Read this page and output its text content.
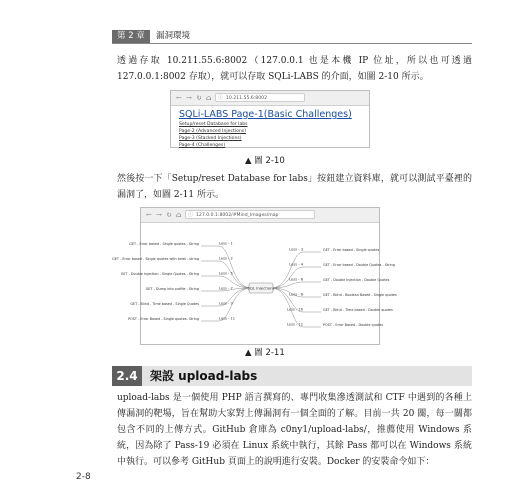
第 2 章	漏洞環境

透過存取 10.211.55.6:8002（127.0.0.1 也是本機 IP 位址，所以也可透過 127.0.0.1:8002 存取），就可以存取 SQLi-LABS 的介面，如圖 2-10 所示。

← → ↻ ⌂ ⓘ 10.211.55.6:8002
SQLi-LABS Page-1(Basic Challenges)
Setup/reset Database for labs
Page-2 (Advanced Injections)
Page-3 (Stacked Injections)
Page-4 (Challenges)
▲ 圖 2-10

然後按一下「Setup/reset Database for labs」按鈕建立資料庫，就可以測試平臺裡的漏洞了，如圖 2-11 所示。

← → ↻ ⌂ ⓘ 127.0.0.1:8002/#Mind_Images/map
Less - 1
GET - Error based - Single quotes - String
Less - 3	GET - Error based - Single quotes
Less - 2
GET - Error based - Single quotes with twist - string
Less - 4	GET - Error based - Double Quotes - String
Less - 5
GET - Double Injection - Single Quotes - String
Less - 6	GET - Double Injection - Double Quotes
Less - 7
GET - Dump into outfile - String
Less - 8	GET - Blind - Boolean Based - Single quotes
Less - 9
GET - Blind - Time based - Single Quotes
Less - 10	GET - Blind - Time based - Double quotes
Less - 11
POST - Error Based - Single quotes- String
Less - 12	POST - Error Based - Double quotes
SQL Injections
▲ 圖 2-11
2.4	架設 upload-labs

upload-labs 是一個使用 PHP 語言撰寫的、專門收集滲透測試和 CTF 中遇到的各種上傳漏洞的靶場，旨在幫助大家對上傳漏洞有一個全面的了解。目前一共 20 關，每一關都包含不同的上傳方式。GitHub 倉庫為 c0ny1/upload-labs/，推薦使用 Windows 系統，因為除了 Pass-19 必須在 Linux 系統中執行，其餘 Pass 都可以在 Windows 系統中執行。可以參考 GitHub 頁面上的說明進行安裝。Docker 的安裝命令如下：

2-8
